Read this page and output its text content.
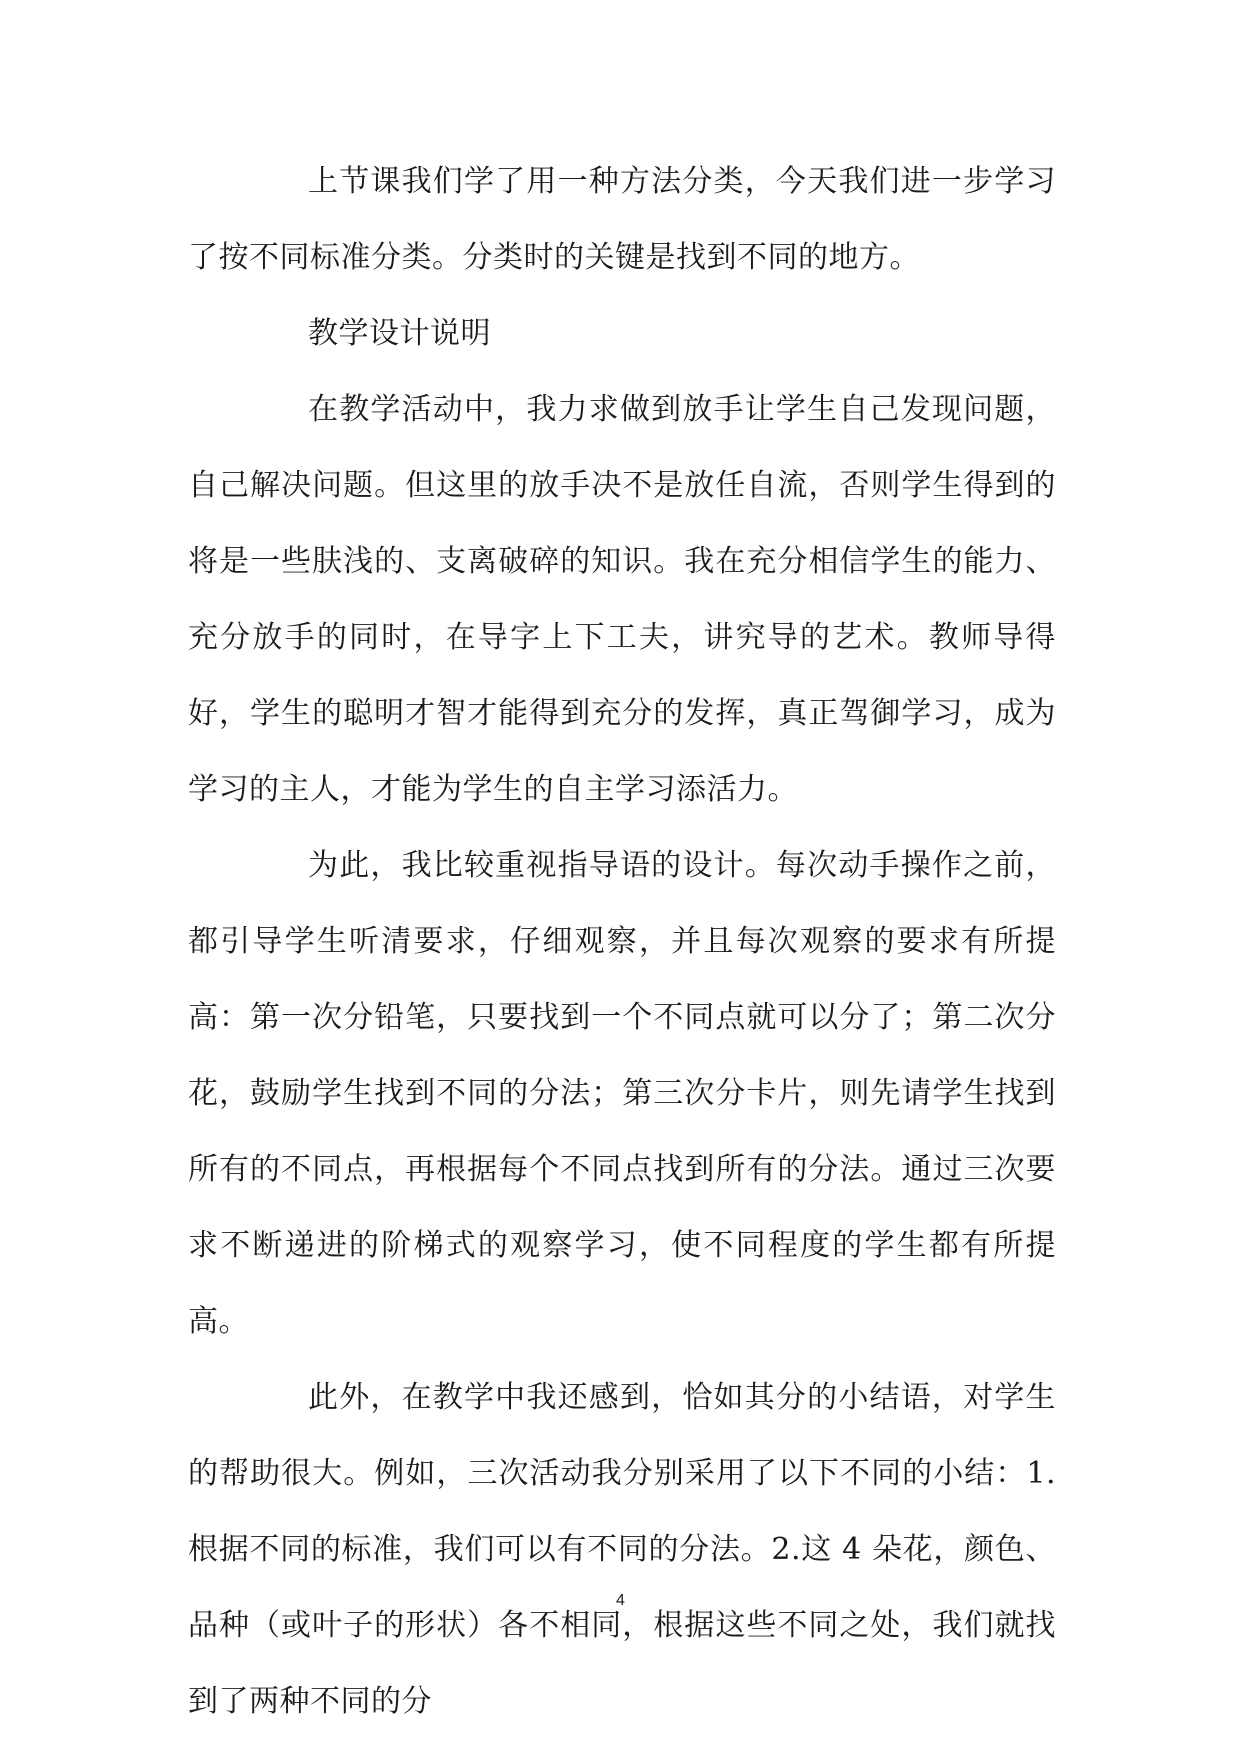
上节课我们学了用一种方法分类，今天我们进一步学习了按不同标准分类。分类时的关键是找到不同的地方。

教学设计说明

在教学活动中，我力求做到放手让学生自己发现问题，自己解决问题。但这里的放手决不是放任自流，否则学生得到的将是一些肤浅的、支离破碎的知识。我在充分相信学生的能力、充分放手的同时，在导字上下工夫，讲究导的艺术。教师导得好，学生的聪明才智才能得到充分的发挥，真正驾御学习，成为学习的主人，才能为学生的自主学习添活力。

为此，我比较重视指导语的设计。每次动手操作之前，都引导学生听清要求，仔细观察，并且每次观察的要求有所提高：第一次分铅笔，只要找到一个不同点就可以分了；第二次分花，鼓励学生找到不同的分法；第三次分卡片，则先请学生找到所有的不同点，再根据每个不同点找到所有的分法。通过三次要求不断递进的阶梯式的观察学习，使不同程度的学生都有所提高。

此外，在教学中我还感到，恰如其分的小结语，对学生的帮助很大。例如，三次活动我分别采用了以下不同的小结：1.根据不同的标准，我们可以有不同的分法。2.这 4 朵花，颜色、品种（或叶子的形状）各不相同，根据这些不同之处，我们就找到了两种不同的分

4
